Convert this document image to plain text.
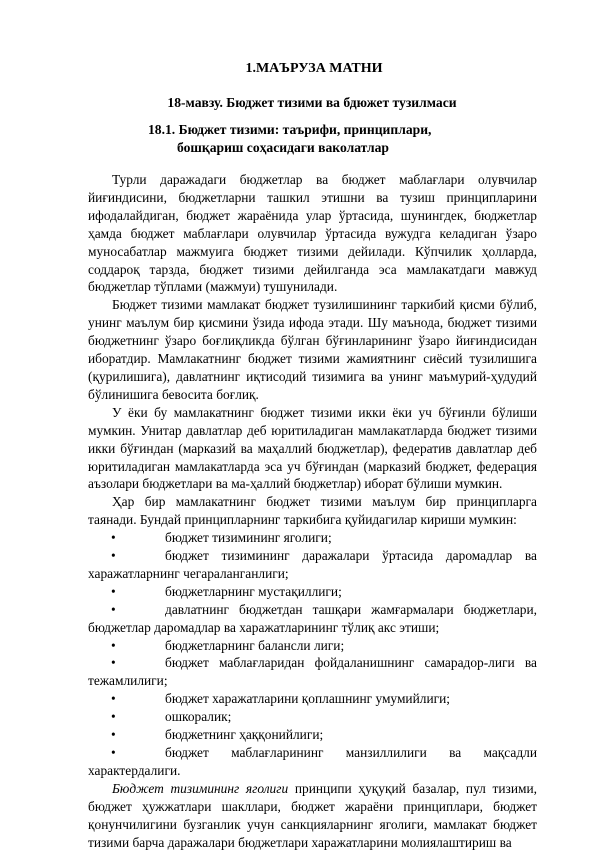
1.МАЪРУЗА МАТНИ
18-мавзу. Бюджет тизими ва бдюжет тузилмаси
18.1. Бюджет тизими: таърифи, принциплари,
бошқариш соҳасидаги ваколатлар

Турли даражадаги бюджетлар ва бюджет маблағлари олувчилар йиғиндисини, бюджетларни ташкил этишни ва тузиш принципларини ифодалайдиган, бюджет жараёнида улар ўртасида, шунингдек, бюджетлар ҳамда бюджет маблағлари олувчилар ўртасида вужудга келадиган ўзаро муносабатлар мажмуига бюджет тизими дейилади. Кўпчилик ҳолларда, соддароқ тарзда, бюджет тизими дейилганда эса мамлакатдаги мавжуд бюджетлар тўплами (мажмуи) тушунилади.

Бюджет тизими мамлакат бюджет тузилишининг таркибий қисми бўлиб, унинг маълум бир қисмини ўзида ифода этади. Шу маънода, бюджет тизими бюджетнинг ўзаро боғлиқликда бўлган бўғинларининг ўзаро йиғиндисидан иборатдир. Мамлакатнинг бюджет тизими жамиятнинг сиёсий тузилишига (қурилишига), давлатнинг иқтисодий тизимига ва унинг маъмурий-ҳудудий бўлинишига бевосита боғлиқ.

У ёки бу мамлакатнинг бюджет тизими икки ёки уч бўғинли бўлиши мумкин. Унитар давлатлар деб юритиладиган мамлакатларда бюджет тизими икки бўғиндан (марказий ва маҳаллий бюджетлар), федератив давлатлар деб юритиладиган мамлакатларда эса уч бўғиндан (марказий бюджет, федерация аъзолари бюджетлари ва ма-ҳаллий бюджетлар) иборат бўлиши мумкин.

Ҳар бир мамлакатнинг бюджет тизими маълум бир принципларга таянади. Бундай принципларнинг таркибига қуйидагилар кириши мумкин:

•	бюджет тизимининг яголиги;
•	бюджет тизимининг даражалари ўртасида даромадлар ва харажатларнинг чегараланганлиги;
•	бюджетларнинг мустақиллиги;
•	давлатнинг бюджетдан ташқари жамғармалари бюджетлари, бюджетлар даромадлар ва харажатларининг тўлиқ акс этиши;
•	бюджетларнинг балансли лиги;
•	бюджет маблағларидан фойдаланишнинг самарадор-лиги ва тежамлилиги;
•	бюджет харажатларини қоплашнинг умумийлиги;
•	ошкоралик;
•	бюджетнинг ҳаққонийлиги;
•	бюджет маблағларининг манзиллилиги ва мақсадли характердалиги.

Бюджет тизимининг яголиги принципи ҳуқуқий базалар, пул тизими, бюджет ҳужжатлари шакллари, бюджет жараёни принциплари, бюджет қонунчилигини бузганлик учун санкцияларнинг яголиги, мамлакат бюджет тизими барча даражалари бюджетлари харажатларини молиялаштириш ва
